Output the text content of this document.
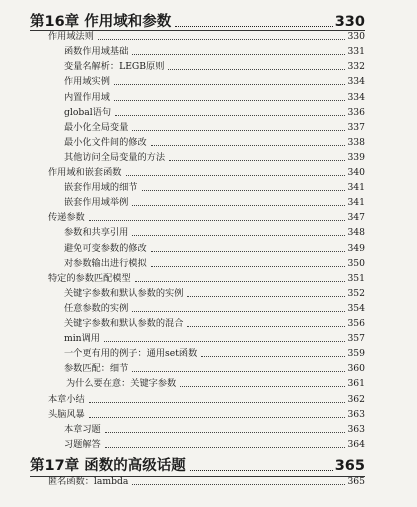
第16章 作用域和参数	330
作用域法则	330
函数作用域基础	331
变量名解析：LEGB原则	332
作用域实例	334
内置作用域	334
global语句	336
最小化全局变量	337
最小化文件间的修改	338
其他访问全局变量的方法	339
作用域和嵌套函数	340
嵌套作用域的细节	341
嵌套作用域举例	341
传递参数	347
参数和共享引用	348
避免可变参数的修改	349
对参数输出进行模拟	350
特定的参数匹配模型	351
关键字参数和默认参数的实例	352
任意参数的实例	354
关键字参数和默认参数的混合	356
min调用	357
一个更有用的例子：通用set函数	359
参数匹配：细节	360
为什么要在意：关键字参数	361
本章小结	362
头脑风暴	363
本章习题	363
习题解答	364
第17章 函数的高级话题	365
匿名函数：lambda	365
